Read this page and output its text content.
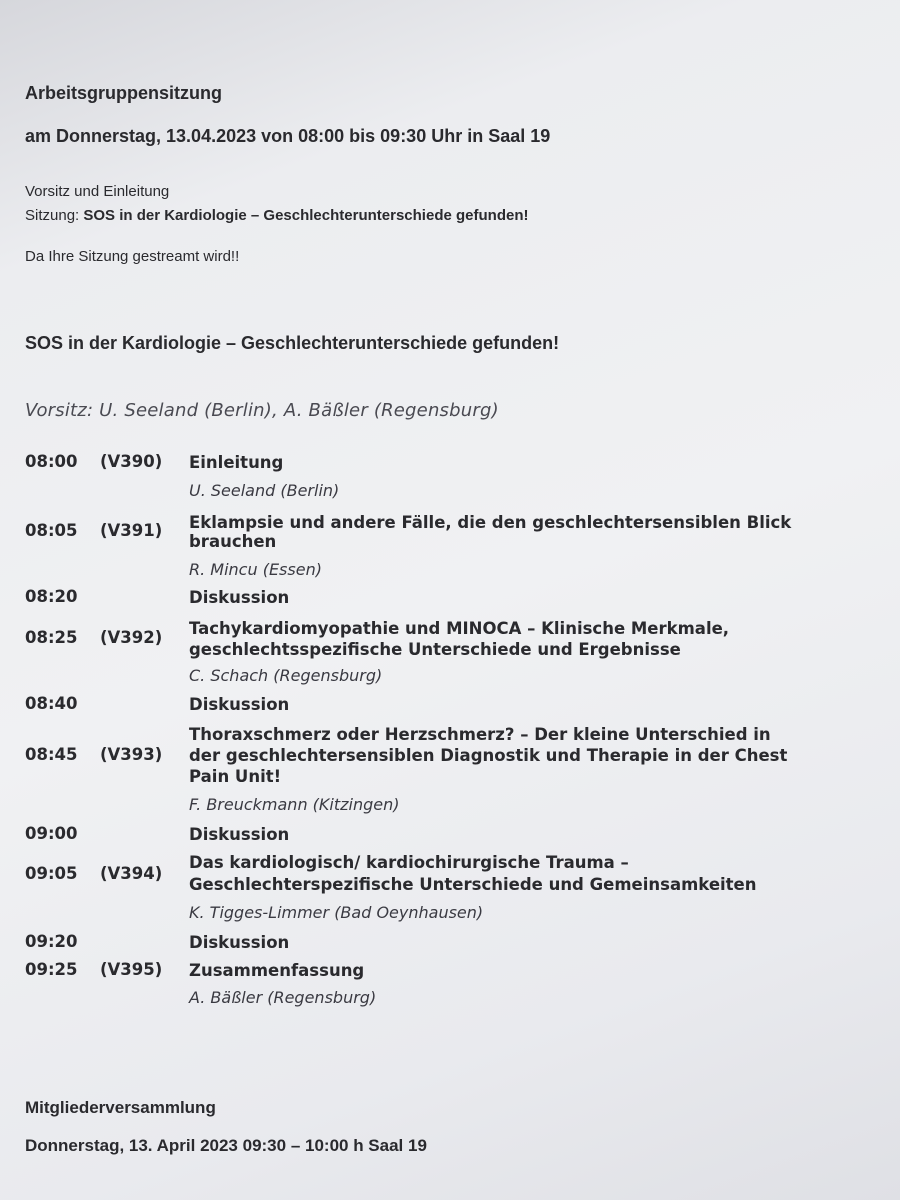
Arbeitsgruppensitzung
am Donnerstag, 13.04.2023 von 08:00 bis 09:30 Uhr in Saal 19
Vorsitz und Einleitung
Sitzung: SOS in der Kardiologie – Geschlechterunterschiede gefunden!
Da Ihre Sitzung gestreamt wird!!
SOS in der Kardiologie – Geschlechterunterschiede gefunden!
Vorsitz: U. Seeland (Berlin), A. Bäßler (Regensburg)
08:00 (V390) Einleitung
U. Seeland (Berlin)
08:05 (V391) Eklampsie und andere Fälle, die den geschlechtersensiblen Blick
brauchen
R. Mincu (Essen)
08:20	Diskussion
08:25 (V392) Tachykardiomyopathie und MINOCA – Klinische Merkmale,
geschlechtsspezifische Unterschiede und Ergebnisse
C. Schach (Regensburg)
08:40	Diskussion
08:45 (V393)
Thoraxschmerz oder Herzschmerz? – Der kleine Unterschied in
der geschlechtersensiblen Diagnostik und Therapie in der Chest
Pain Unit!
F. Breuckmann (Kitzingen)
09:00	Diskussion
09:05 (V394)
Das kardiologisch/ kardiochirurgische Trauma –
Geschlechterspezifische Unterschiede und Gemeinsamkeiten
K. Tigges-Limmer (Bad Oeynhausen)
09:20	Diskussion
09:25 (V395) Zusammenfassung
A. Bäßler (Regensburg)
Mitgliederversammlung
Donnerstag, 13. April 2023 09:30 – 10:00 h Saal 19
